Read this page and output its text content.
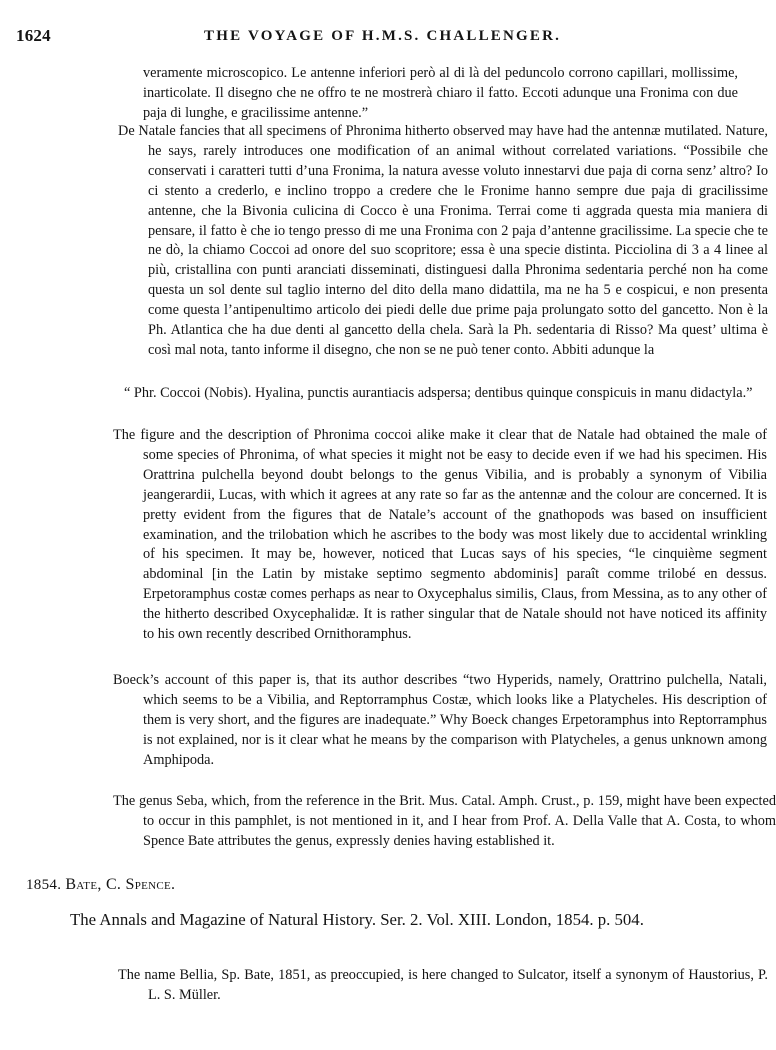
1624	THE VOYAGE OF H.M.S. CHALLENGER.
veramente microscopico. Le antenne inferiori però al di là del peduncolo corrono capillari, mollissime, inarticolate. Il disegno che ne offro te ne mostrerà chiaro il fatto. Eccoti adunque una Fronima con due paja di lunghe, e gracilissime antenne.”
De Natale fancies that all specimens of Phronima hitherto observed may have had the antennæ mutilated. Nature, he says, rarely introduces one modification of an animal without correlated variations. “Possibile che conservati i caratteri tutti d’una Fronima, la natura avesse voluto innestarvi due paja di corna senz’ altro? Io ci stento a crederlo, e inclino troppo a credere che le Fronime hanno sempre due paja di gracilissime antenne, che la Bivonia culicina di Cocco è una Fronima. Terrai come ti aggrada questa mia maniera di pensare, il fatto è che io tengo presso di me una Fronima con 2 paja d’antenne gracilissime. La specie che te ne dò, la chiamo Coccoi ad onore del suo scopritore; essa è una specie distinta. Picciolina di 3 a 4 linee al più, cristallina con punti aranciati disseminati, distinguesi dalla Phronima sedentaria perché non ha come questa un sol dente sul taglio interno del dito della mano didattila, ma ne ha 5 e cospicui, e non presenta come questa l’antipenultimo articolo dei piedi delle due prime paja prolungato sotto del gancetto. Non è la Ph. Atlantica che ha due denti al gancetto della chela. Sarà la Ph. sedentaria di Risso? Ma quest’ ultima è così mal nota, tanto informe il disegno, che non se ne può tener conto. Abbiti adunque la
“ Phr. Coccoi (Nobis). Hyalina, punctis aurantiacis adspersa; dentibus quinque conspicuis in manu didactyla.”
The figure and the description of Phronima coccoi alike make it clear that de Natale had obtained the male of some species of Phronima, of what species it might not be easy to decide even if we had his specimen. His Orattrina pulchella beyond doubt belongs to the genus Vibilia, and is probably a synonym of Vibilia jeangerardii, Lucas, with which it agrees at any rate so far as the antennæ and the colour are concerned. It is pretty evident from the figures that de Natale’s account of the gnathopods was based on insufficient examination, and the trilobation which he ascribes to the body was most likely due to accidental wrinkling of his specimen. It may be, however, noticed that Lucas says of his species, “le cinquième segment abdominal [in the Latin by mistake septimo segmento abdominis] paraît comme trilobé en dessus. Erpetoramphus costæ comes perhaps as near to Oxycephalus similis, Claus, from Messina, as to any other of the hitherto described Oxycephalidæ. It is rather singular that de Natale should not have noticed its affinity to his own recently described Ornithoramphus.
Boeck’s account of this paper is, that its author describes “two Hyperids, namely, Orattrino pulchella, Natali, which seems to be a Vibilia, and Reptorramphus Costæ, which looks like a Platycheles. His description of them is very short, and the figures are inadequate.” Why Boeck changes Erpetoramphus into Reptorramphus is not explained, nor is it clear what he means by the comparison with Platycheles, a genus unknown among Amphipoda.
The genus Seba, which, from the reference in the Brit. Mus. Catal. Amph. Crust., p. 159, might have been expected to occur in this pamphlet, is not mentioned in it, and I hear from Prof. A. Della Valle that A. Costa, to whom Spence Bate attributes the genus, expressly denies having established it.
1854. Bate, C. Spence.
The Annals and Magazine of Natural History. Ser. 2. Vol. XIII. London, 1854. p. 504.
The name Bellia, Sp. Bate, 1851, as preoccupied, is here changed to Sulcator, itself a synonym of Haustorius, P. L. S. Müller.
